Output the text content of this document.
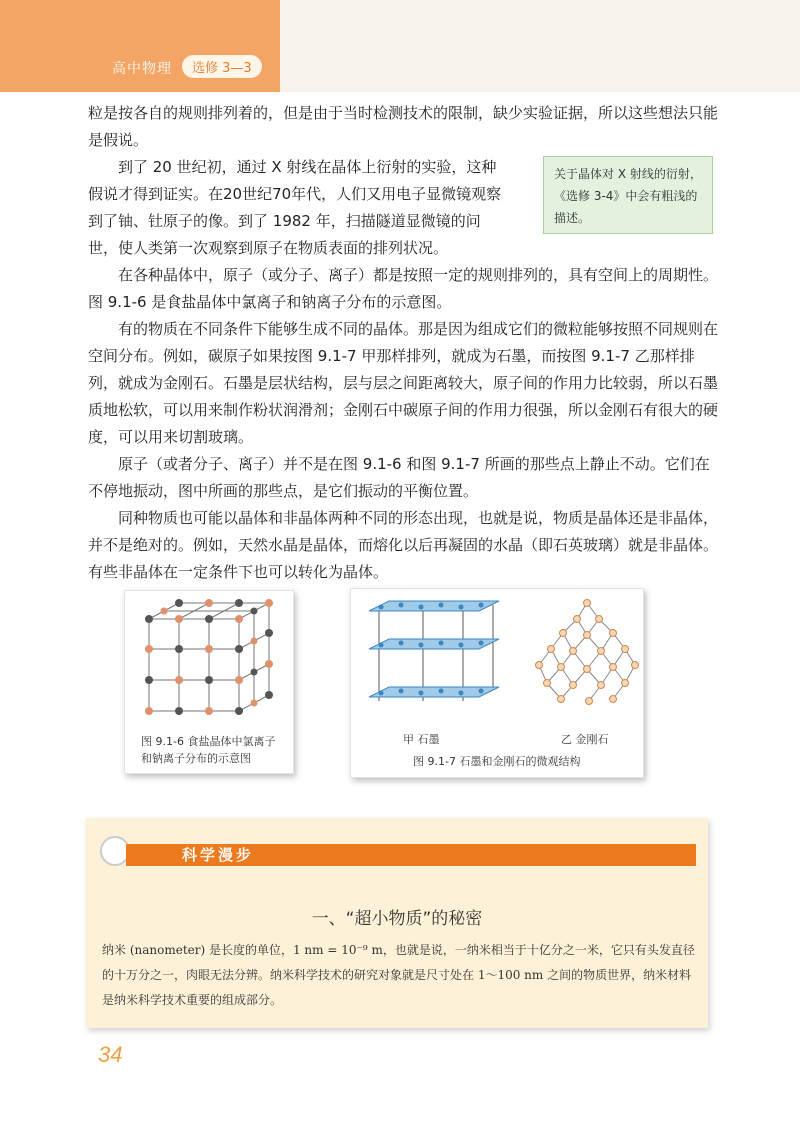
高中物理	选修 3—3

粒是按各自的规则排列着的，但是由于当时检测技术的限制，缺少实验证据，所以这些想法只能是假说。

到了 20 世纪初，通过 X 射线在晶体上衍射的实验，这种假说才得到证实。在20世纪70年代，人们又用电子显微镜观察到了铀、钍原子的像。到了 1982 年，扫描隧道显微镜的问世，使人类第一次观察到原子在物质表面的排列状况。

在各种晶体中，原子（或分子、离子）都是按照一定的规则排列的，具有空间上的周期性。图 9.1-6 是食盐晶体中氯离子和钠离子分布的示意图。

有的物质在不同条件下能够生成不同的晶体。那是因为组成它们的微粒能够按照不同规则在空间分布。例如，碳原子如果按图 9.1-7 甲那样排列，就成为石墨，而按图 9.1-7 乙那样排列，就成为金刚石。石墨是层状结构，层与层之间距离较大，原子间的作用力比较弱，所以石墨质地松软，可以用来制作粉状润滑剂；金刚石中碳原子间的作用力很强，所以金刚石有很大的硬度，可以用来切割玻璃。

原子（或者分子、离子）并不是在图 9.1-6 和图 9.1-7 所画的那些点上静止不动。它们在不停地振动，图中所画的那些点，是它们振动的平衡位置。

同种物质也可能以晶体和非晶体两种不同的形态出现，也就是说，物质是晶体还是非晶体，并不是绝对的。例如，天然水晶是晶体，而熔化以后再凝固的水晶（即石英玻璃）就是非晶体。有些非晶体在一定条件下也可以转化为晶体。

关于晶体对 X 射线的衍射，《选修 3-4》中会有粗浅的描述。
图 9.1-6 食盐晶体中氯离子和钠离子分布的示意图
甲 石墨	乙 金刚石
图 9.1-7 石墨和金刚石的微观结构
科学漫步
一、“超小物质”的秘密
纳米 (nanometer) 是长度的单位，1 nm = 10⁻⁹ m，也就是说，一纳米相当于十亿分之一米，它只有头发直径的十万分之一，肉眼无法分辨。纳米科学技术的研究对象就是尺寸处在 1～100 nm 之间的物质世界，纳米材料是纳米科学技术重要的组成部分。
34
